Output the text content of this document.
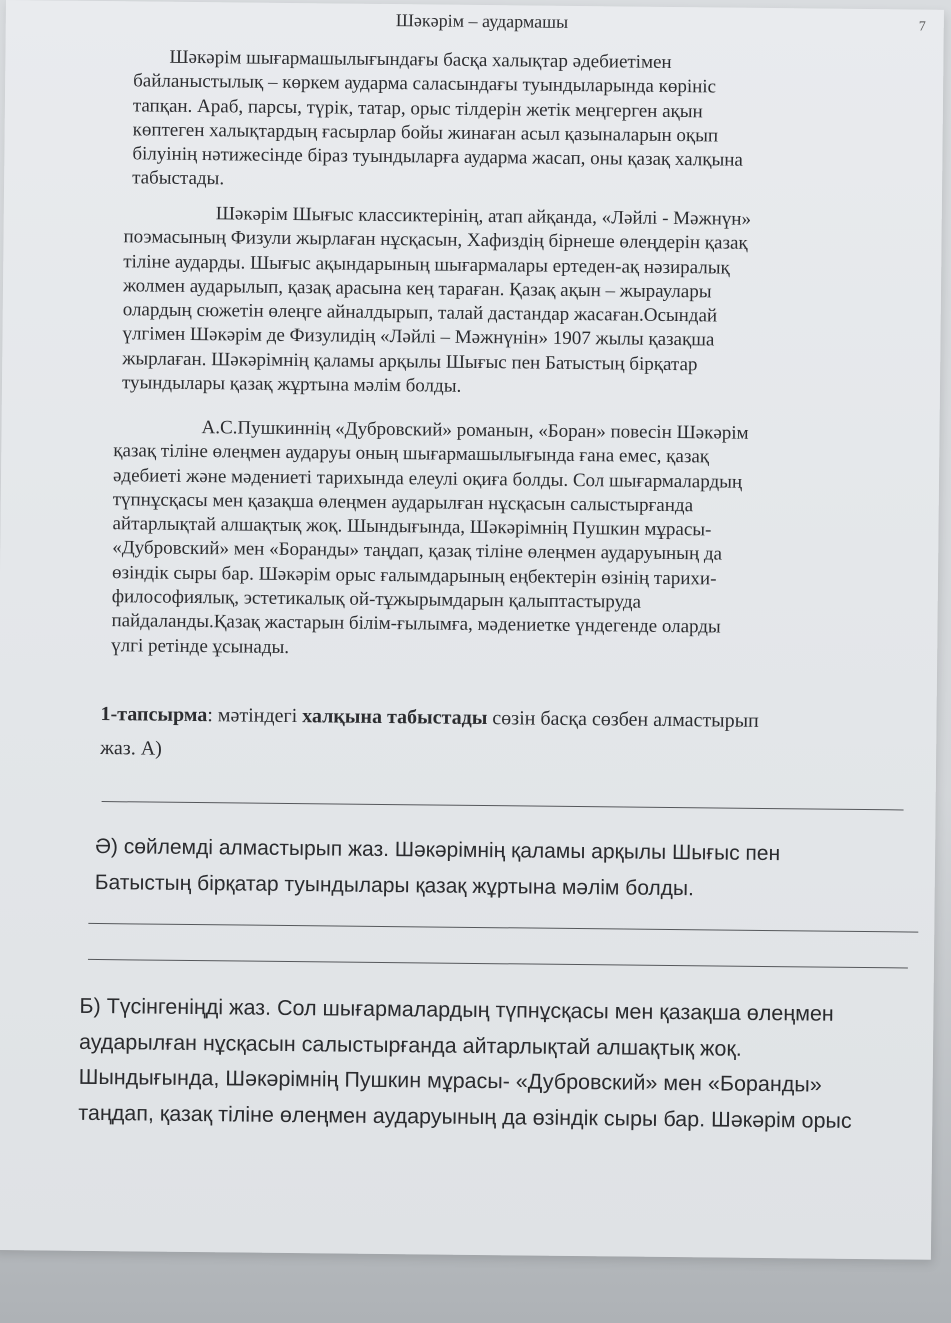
Шәкәрім – аудармашы	7
Шәкәрім шығармашылығындағы басқа халықтар әдебиетімен
байланыстылық – көркем аударма саласындағы туындыларында көрініс
тапқан. Араб, парсы, түрік, татар, орыс тілдерін жетік меңгерген ақын
көптеген халықтардың ғасырлар бойы жинаған асыл қазыналарын оқып
білуінің нәтижесінде біраз туындыларға аударма жасап, оны қазақ халқына
табыстады.
Шәкәрім Шығыс классиктерінің, атап айқанда, «Ләйлі - Мәжнүн»
поэмасының Физули жырлаған нұсқасын, Хафиздің бірнеше өлеңдерін қазақ
тіліне аударды. Шығыс ақындарының шығармалары ертеден-ақ нәзиралық
жолмен аударылып, қазақ арасына кең тараған. Қазақ ақын – жыраулары
олардың сюжетін өлеңге айналдырып, талай дастандар жасаған.Осындай
үлгімен Шәкәрім де Физулидің «Ләйлі – Мәжнүнін» 1907 жылы қазақша
жырлаған. Шәкәрімнің қаламы арқылы Шығыс пен Батыстың бірқатар
туындылары қазақ жұртына мәлім болды.
А.С.Пушкиннің «Дубровский» романын, «Боран» повесін Шәкәрім
қазақ тіліне өлеңмен аударуы оның шығармашылығында ғана емес, қазақ
әдебиеті және мәдениеті тарихында елеулі оқиға болды. Сол шығармалардың
түпнұсқасы мен қазақша өлеңмен аударылған нұсқасын салыстырғанда
айтарлықтай алшақтық жоқ. Шындығында, Шәкәрімнің Пушкин мұрасы-
«Дубровский» мен «Боранды» таңдап, қазақ тіліне өлеңмен аударуының да
өзіндік сыры бар. Шәкәрім орыс ғалымдарының еңбектерін өзінің тарихи-
философиялық, эстетикалық ой-тұжырымдарын қалыптастыруда
пайдаланды.Қазақ жастарын білім-ғылымға, мәдениетке үндегенде оларды
үлгі ретінде ұсынады.
1-тапсырма: мәтіндегі халқына табыстады сөзін басқа сөзбен алмастырып
жаз. А)
Ә) сөйлемді алмастырып жаз. Шәкәрімнің қаламы арқылы Шығыс пен
Батыстың бірқатар туындылары қазақ жұртына мәлім болды.
Б) Түсінгеніңді жаз. Сол шығармалардың түпнұсқасы мен қазақша өлеңмен
аударылған нұсқасын салыстырғанда айтарлықтай алшақтық жоқ.
Шындығында, Шәкәрімнің Пушкин мұрасы- «Дубровский» мен «Боранды»
таңдап, қазақ тіліне өлеңмен аударуының да өзіндік сыры бар. Шәкәрім орыс
